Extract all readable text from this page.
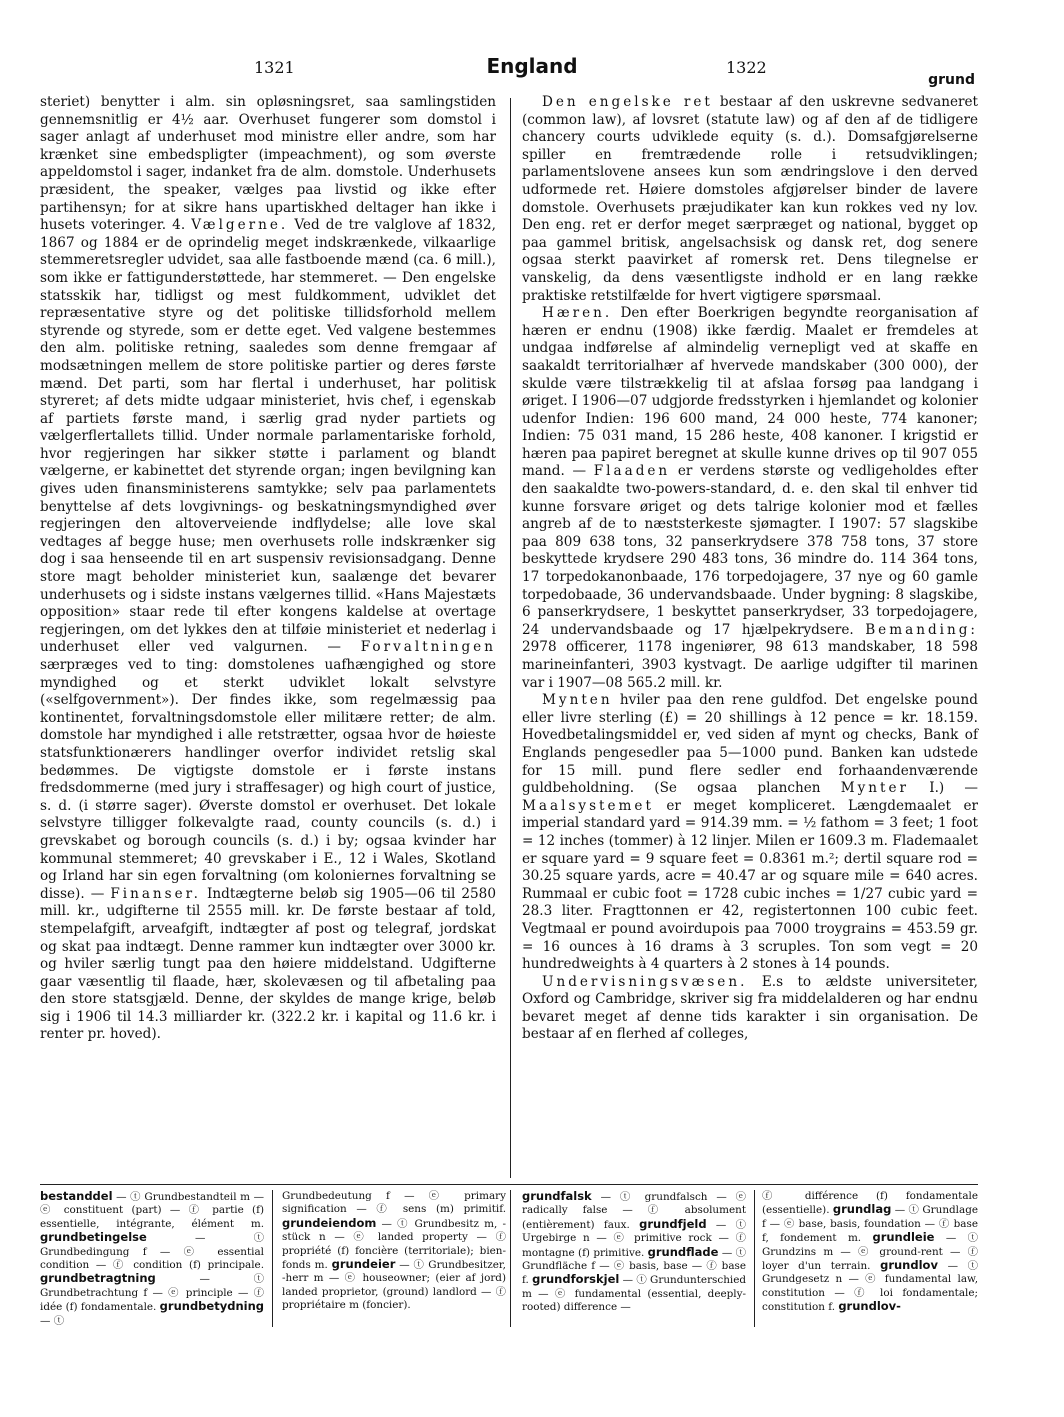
1321	England	1322
grund

steriet) benytter i alm. sin opløsningsret, saa samlingstiden gennemsnitlig er 4½ aar. Overhuset fungerer som domstol i sager anlagt af underhuset mod ministre eller andre, som har krænket sine embedspligter (impeachment), og som øverste appeldomstol i sager, indanket fra de alm. domstole. Underhusets præsident, the speaker, vælges paa livstid og ikke efter partihensyn; for at sikre hans upartiskhed deltager han ikke i husets voteringer. 4. Vælgerne. Ved de tre valglove af 1832, 1867 og 1884 er de oprindelig meget indskrænkede, vilkaarlige stemmeretsregler udvidet, saa alle fastboende mænd (ca. 6 mill.), som ikke er fattigunderstøttede, har stemmeret. — Den engelske statsskik har, tidligst og mest fuldkomment, udviklet det repræsentative styre og det politiske tillidsforhold mellem styrende og styrede, som er dette eget. Ved valgene bestemmes den alm. politiske retning, saaledes som denne fremgaar af modsætningen mellem de store politiske partier og deres første mænd. Det parti, som har flertal i underhuset, har politisk styreret; af dets midte udgaar ministeriet, hvis chef, i egenskab af partiets første mand, i særlig grad nyder partiets og vælgerflertallets tillid. Under normale parlamentariske forhold, hvor regjeringen har sikker støtte i parlament og blandt vælgerne, er kabinettet det styrende organ; ingen bevilgning kan gives uden finansministerens samtykke; selv paa parlamentets benyttelse af dets lovgivnings- og beskatningsmyndighed øver regjeringen den altoverveiende indflydelse; alle love skal vedtages af begge huse; men overhusets rolle indskrænker sig dog i saa henseende til en art suspensiv revisionsadgang. Denne store magt beholder ministeriet kun, saalænge det bevarer underhusets og i sidste instans vælgernes tillid. «Hans Majestæts opposition» staar rede til efter kongens kaldelse at overtage regjeringen, om det lykkes den at tilføie ministeriet et nederlag i underhuset eller ved valgurnen. — Forvaltningen særpræges ved to ting: domstolenes uafhængighed og store myndighed og et sterkt udviklet lokalt selvstyre («selfgovernment»). Der findes ikke, som regelmæssig paa kontinentet, forvaltningsdomstole eller militære retter; de alm. domstole har myndighed i alle retstrætter, ogsaa hvor de høieste statsfunktionærers handlinger overfor individet retslig skal bedømmes. De vigtigste domstole er i første instans fredsdommerne (med jury i straffesager) og high court of justice, s. d. (i større sager). Øverste domstol er overhuset. Det lokale selvstyre tilligger folkevalgte raad, county councils (s. d.) i grevskabet og borough councils (s. d.) i by; ogsaa kvinder har kommunal stemmeret; 40 grevskaber i E., 12 i Wales, Skotland og Irland har sin egen forvaltning (om koloniernes forvaltning se disse). — Finanser. Indtægterne beløb sig 1905—06 til 2580 mill. kr., udgifterne til 2555 mill. kr. De første bestaar af told, stempelafgift, arveafgift, indtægter af post og telegraf, jordskat og skat paa indtægt. Denne rammer kun indtægter over 3000 kr. og hviler særlig tungt paa den høiere middelstand. Udgifterne gaar væsentlig til flaade, hær, skolevæsen og til afbetaling paa den store statsgjæld. Denne, der skyldes de mange krige, beløb sig i 1906 til 14.3 milliarder kr. (322.2 kr. i kapital og 11.6 kr. i renter pr. hoved).

Den engelske ret bestaar af den uskrevne sedvaneret (common law), af lovsret (statute law) og af den af de tidligere chancery courts udviklede equity (s. d.). Domsafgjørelserne spiller en fremtrædende rolle i retsudviklingen; parlamentslovene ansees kun som ændringslove i den derved udformede ret. Høiere domstoles afgjørelser binder de lavere domstole. Overhusets præjudikater kan kun rokkes ved ny lov. Den eng. ret er derfor meget særpræget og national, bygget op paa gammel britisk, angelsachsisk og dansk ret, dog senere ogsaa sterkt paavirket af romersk ret. Dens tilegnelse er vanskelig, da dens væsentligste indhold er en lang række praktiske retstilfælde for hvert vigtigere spørsmaal.

Hæren. Den efter Boerkrigen begyndte reorganisation af hæren er endnu (1908) ikke færdig. Maalet er fremdeles at undgaa indførelse af almindelig vernepligt ved at skaffe en saakaldt territorialhær af hvervede mandskaber (300 000), der skulde være tilstrækkelig til at afslaa forsøg paa landgang i øriget. I 1906—07 udgjorde fredsstyrken i hjemlandet og kolonier udenfor Indien: 196 600 mand, 24 000 heste, 774 kanoner; Indien: 75 031 mand, 15 286 heste, 408 kanoner. I krigstid er hæren paa papiret beregnet at skulle kunne drives op til 907 055 mand. — Flaaden er verdens største og vedligeholdes efter den saakaldte two-powers-standard, d. e. den skal til enhver tid kunne forsvare øriget og dets talrige kolonier mod et fælles angreb af de to næststerkeste sjømagter. I 1907: 57 slagskibe paa 809 638 tons, 32 panserkrydsere 378 758 tons, 37 store beskyttede krydsere 290 483 tons, 36 mindre do. 114 364 tons, 17 torpedokanonbaade, 176 torpedojagere, 37 nye og 60 gamle torpedobaade, 36 undervandsbaade. Under bygning: 8 slagskibe, 6 panserkrydsere, 1 beskyttet panserkrydser, 33 torpedojagere, 24 undervandsbaade og 17 hjælpekrydsere. Bemanding: 2978 officerer, 1178 ingeniører, 98 613 mandskaber, 18 598 marineinfanteri, 3903 kystvagt. De aarlige udgifter til marinen var i 1907—08 565.2 mill. kr.

Mynten hviler paa den rene guldfod. Det engelske pound eller livre sterling (£) = 20 shillings à 12 pence = kr. 18.159. Hovedbetalingsmiddel er, ved siden af mynt og checks, Bank of Englands pengesedler paa 5—1000 pund. Banken kan udstede for 15 mill. pund flere sedler end forhaandenværende guldbeholdning. (Se ogsaa planchen Mynter I.) — Maalsystemet er meget kompliceret. Længdemaalet er imperial standard yard = 914.39 mm. = ½ fathom = 3 feet; 1 foot = 12 inches (tommer) à 12 linjer. Milen er 1609.3 m. Flademaalet er square yard = 9 square feet = 0.8361 m.²; dertil square rod = 30.25 square yards, acre = 40.47 ar og square mile = 640 acres. Rummaal er cubic foot = 1728 cubic inches = 1/27 cubic yard = 28.3 liter. Fragttonnen er 42, registertonnen 100 cubic feet. Vegtmaal er pound avoirdupois paa 7000 troygrains = 453.59 gr. = 16 ounces à 16 drams à 3 scruples. Ton som vegt = 20 hundredweights à 4 quarters à 2 stones à 14 pounds.

Undervisningsvæsen. E.s to ældste universiteter, Oxford og Cambridge, skriver sig fra middelalderen og har endnu bevaret meget af denne tids karakter i sin organisation. De bestaar af en flerhed af colleges,

bestanddel — ⓣ Grundbestandteil m — ⓔ constituent (part) — ⓕ partie (f) essentielle, intégrante, élément m. grundbetingelse	— ⓣ Grundbedingung f — ⓔ essential condition — ⓕ condition (f) principale. grundbetragtning	— ⓣ Grundbetrachtung f — ⓔ principle — ⓕ idée (f) fondamentale. grundbetydning — ⓣ
Grundbedeutung f — ⓔ primary signification — ⓕ sens (m) primitif. grundeiendom — ⓣ Grundbesitz m, -stück n — ⓔ landed property — ⓕ propriété (f) foncière (territoriale); bien-fonds m. grundeier — ⓣ Grundbesitzer, -herr m — ⓔ houseowner; (eier af jord) landed proprietor, (ground) landlord — ⓕ propriétaire m (foncier).
grundfalsk — ⓣ grundfalsch — ⓔ radically false — ⓕ absolument (entièrement) faux. grundfjeld — ⓣ Urgebirge n — ⓔ primitive rock — ⓕ montagne (f) primitive. grundflade — ⓣ Grundfläche f — ⓔ basis, base — ⓕ base f. grundforskjel — ⓣ Grundunterschied m — ⓔ fundamental (essential, deeply-rooted) difference —
ⓕ différence (f) fondamentale (essentielle). grundlag — ⓣ Grundlage f — ⓔ base, basis, foundation — ⓕ base f, fondement m. grundleie — ⓣ Grundzins m — ⓔ ground-rent — ⓕ loyer d'un terrain. grundlov — ⓣ Grundgesetz n — ⓔ fundamental law, constitution — ⓕ loi fondamentale; constitution f. grundlov-
